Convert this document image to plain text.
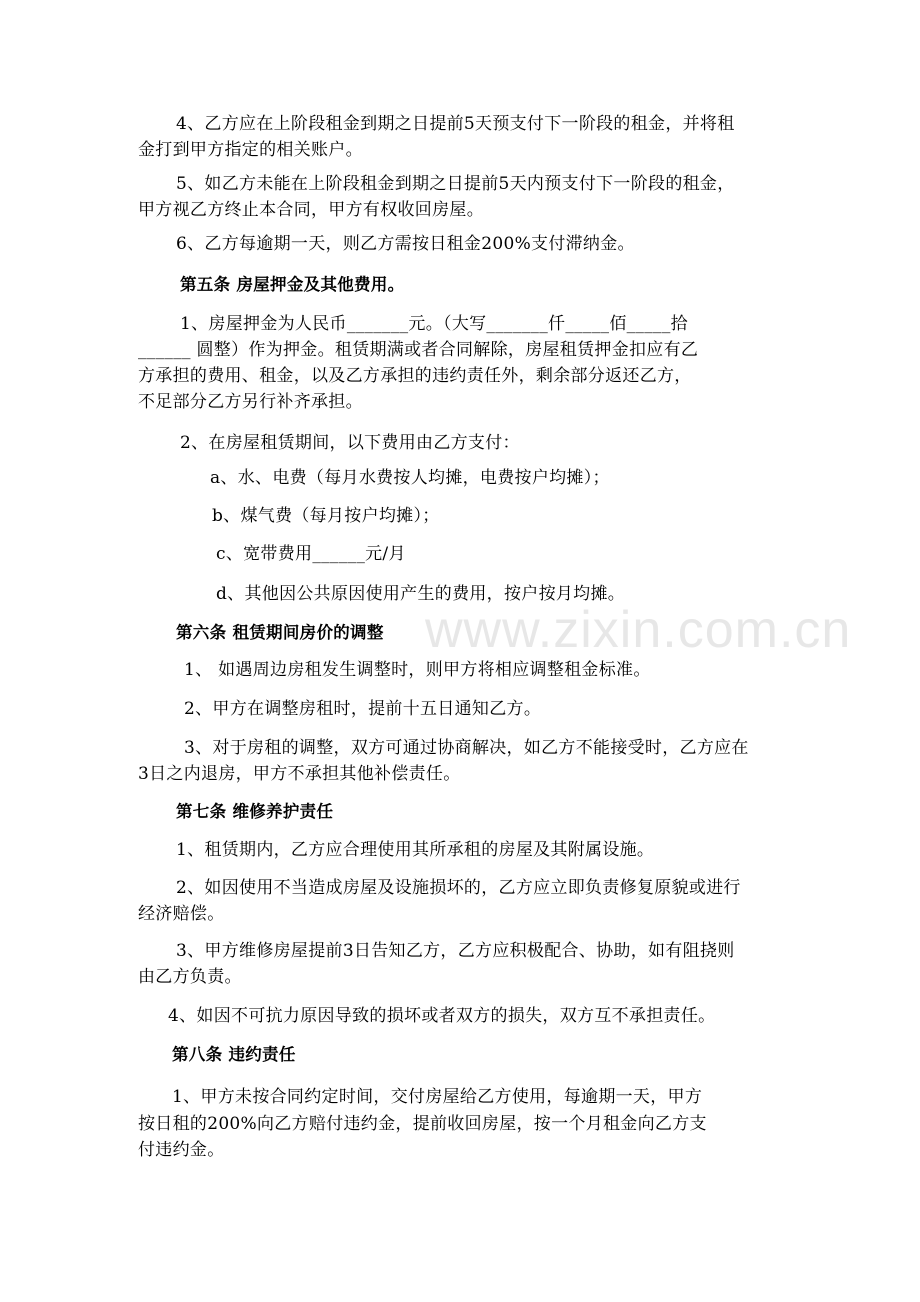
www.zixin.com.cn
4、乙方应在上阶段租金到期之日提前5天预支付下一阶段的租金，并将租
金打到甲方指定的相关账户。
5、如乙方未能在上阶段租金到期之日提前5天内预支付下一阶段的租金，
甲方视乙方终止本合同，甲方有权收回房屋。
6、乙方每逾期一天，则乙方需按日租金200%支付滞纳金。
第五条 房屋押金及其他费用。
1、房屋押金为人民币_______元。（大写_______仟_____佰_____拾
______ 圆整）作为押金。租赁期满或者合同解除，房屋租赁押金扣应有乙
方承担的费用、租金，以及乙方承担的违约责任外，剩余部分返还乙方，
不足部分乙方另行补齐承担。
2、在房屋租赁期间，以下费用由乙方支付：
a、水、电费（每月水费按人均摊，电费按户均摊）；
b、煤气费（每月按户均摊）；
c、宽带费用______元/月
d、其他因公共原因使用产生的费用，按户按月均摊。
第六条 租赁期间房价的调整
1、 如遇周边房租发生调整时，则甲方将相应调整租金标准。
2、甲方在调整房租时，提前十五日通知乙方。
3、对于房租的调整，双方可通过协商解决，如乙方不能接受时，乙方应在
3日之内退房，甲方不承担其他补偿责任。
第七条 维修养护责任
1、租赁期内，乙方应合理使用其所承租的房屋及其附属设施。
2、如因使用不当造成房屋及设施损坏的，乙方应立即负责修复原貌或进行
经济赔偿。
3、甲方维修房屋提前3日告知乙方，乙方应积极配合、协助，如有阻挠则
由乙方负责。
4、如因不可抗力原因导致的损坏或者双方的损失，双方互不承担责任。
第八条 违约责任
1、甲方未按合同约定时间，交付房屋给乙方使用，每逾期一天，甲方
按日租的200%向乙方赔付违约金，提前收回房屋，按一个月租金向乙方支
付违约金。
